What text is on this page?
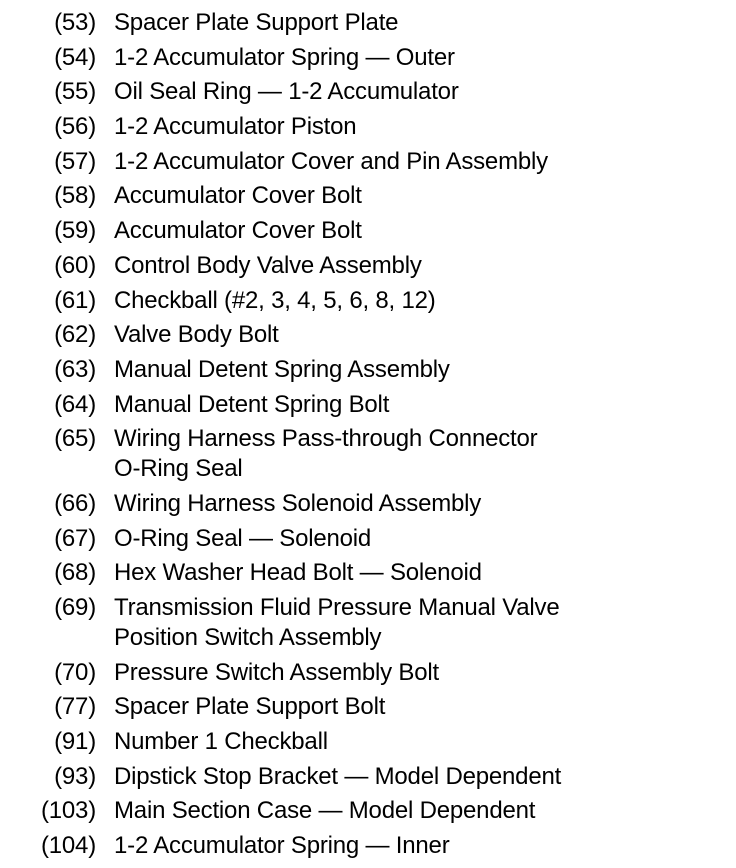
(53) Spacer Plate Support Plate
(54) 1-2 Accumulator Spring — Outer
(55) Oil Seal Ring — 1-2 Accumulator
(56) 1-2 Accumulator Piston
(57) 1-2 Accumulator Cover and Pin Assembly
(58) Accumulator Cover Bolt
(59) Accumulator Cover Bolt
(60) Control Body Valve Assembly
(61) Checkball (#2, 3, 4, 5, 6, 8, 12)
(62) Valve Body Bolt
(63) Manual Detent Spring Assembly
(64) Manual Detent Spring Bolt
(65) Wiring Harness Pass-through Connector
O-Ring Seal
(66) Wiring Harness Solenoid Assembly
(67) O-Ring Seal — Solenoid
(68) Hex Washer Head Bolt — Solenoid
(69) Transmission Fluid Pressure Manual Valve
Position Switch Assembly
(70) Pressure Switch Assembly Bolt
(77) Spacer Plate Support Bolt
(91) Number 1 Checkball
(93) Dipstick Stop Bracket — Model Dependent
(103) Main Section Case — Model Dependent
(104) 1-2 Accumulator Spring — Inner
